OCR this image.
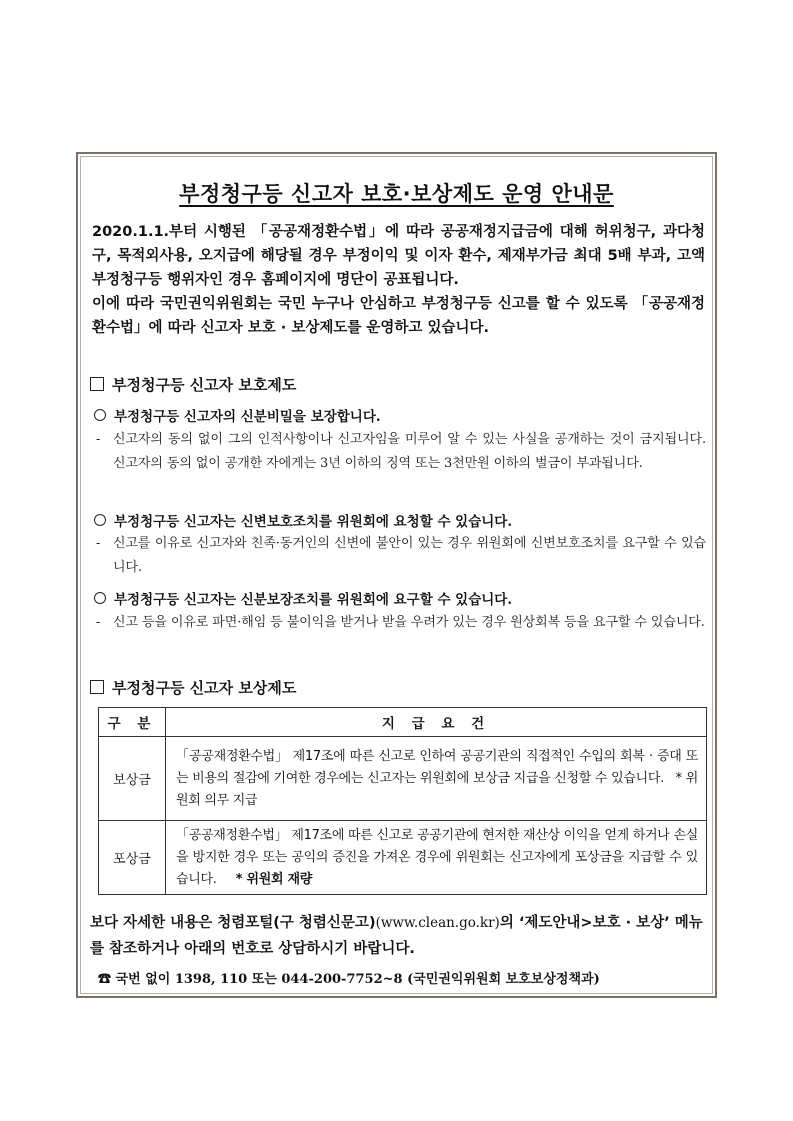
부정청구등 신고자 보호·보상제도 운영 안내문

2020.1.1.부터 시행된 「공공재정환수법」에 따라 공공재정지급금에 대해 허위청구, 과다청구, 목적외사용, 오지급에 해당될 경우 부정이익 및 이자 환수, 제재부가금 최대 5배 부과, 고액부정청구등 행위자인 경우 홈페이지에 명단이 공표됩니다.

이에 따라 국민권익위원회는 국민 누구나 안심하고 부정청구등 신고를 할 수 있도록 「공공재정환수법」에 따라 신고자 보호 · 보상제도를 운영하고 있습니다.

부정청구등 신고자 보호제도
부정청구등 신고자의 신분비밀을 보장합니다.
- 신고자의 동의 없이 그의 인적사항이나 신고자임을 미루어 알 수 있는 사실을 공개하는 것이 금지됩니다. 신고자의 동의 없이 공개한 자에게는 3년 이하의 징역 또는 3천만원 이하의 벌금이 부과됩니다.
부정청구등 신고자는 신변보호조치를 위원회에 요청할 수 있습니다.
- 신고를 이유로 신고자와 친족·동거인의 신변에 불안이 있는 경우 위원회에 신변보호조치를 요구할 수 있습니다.
부정청구등 신고자는 신분보장조치를 위원회에 요구할 수 있습니다.
- 신고 등을 이유로 파면·해임 등 불이익을 받거나 받을 우려가 있는 경우 원상회복 등을 요구할 수 있습니다.
부정청구등 신고자 보상제도
구 분	지 급 요 건
보상금	「공공재정환수법」 제17조에 따른 신고로 인하여 공공기관의 직접적인 수입의 회복 · 증대 또는 비용의 절감에 기여한 경우에는 신고자는 위원회에 보상금 지급을 신청할 수 있습니다. * 위원회 의무 지급
포상금	「공공재정환수법」 제17조에 따른 신고로 공공기관에 현저한 재산상 이익을 얻게 하거나 손실을 방지한 경우 또는 공익의 증진을 가져온 경우에 위원회는 신고자에게 포상금을 지급할 수 있습니다. * 위원회 재량
보다 자세한 내용은 청렴포털(구 청렴신문고)(www.clean.go.kr)의 ‘제도안내>보호 · 보상’ 메뉴를 참조하거나 아래의 번호로 상담하시기 바랍니다.
☎ 국번 없이 1398, 110 또는 044-200-7752~8 (국민권익위원회 보호보상정책과)
